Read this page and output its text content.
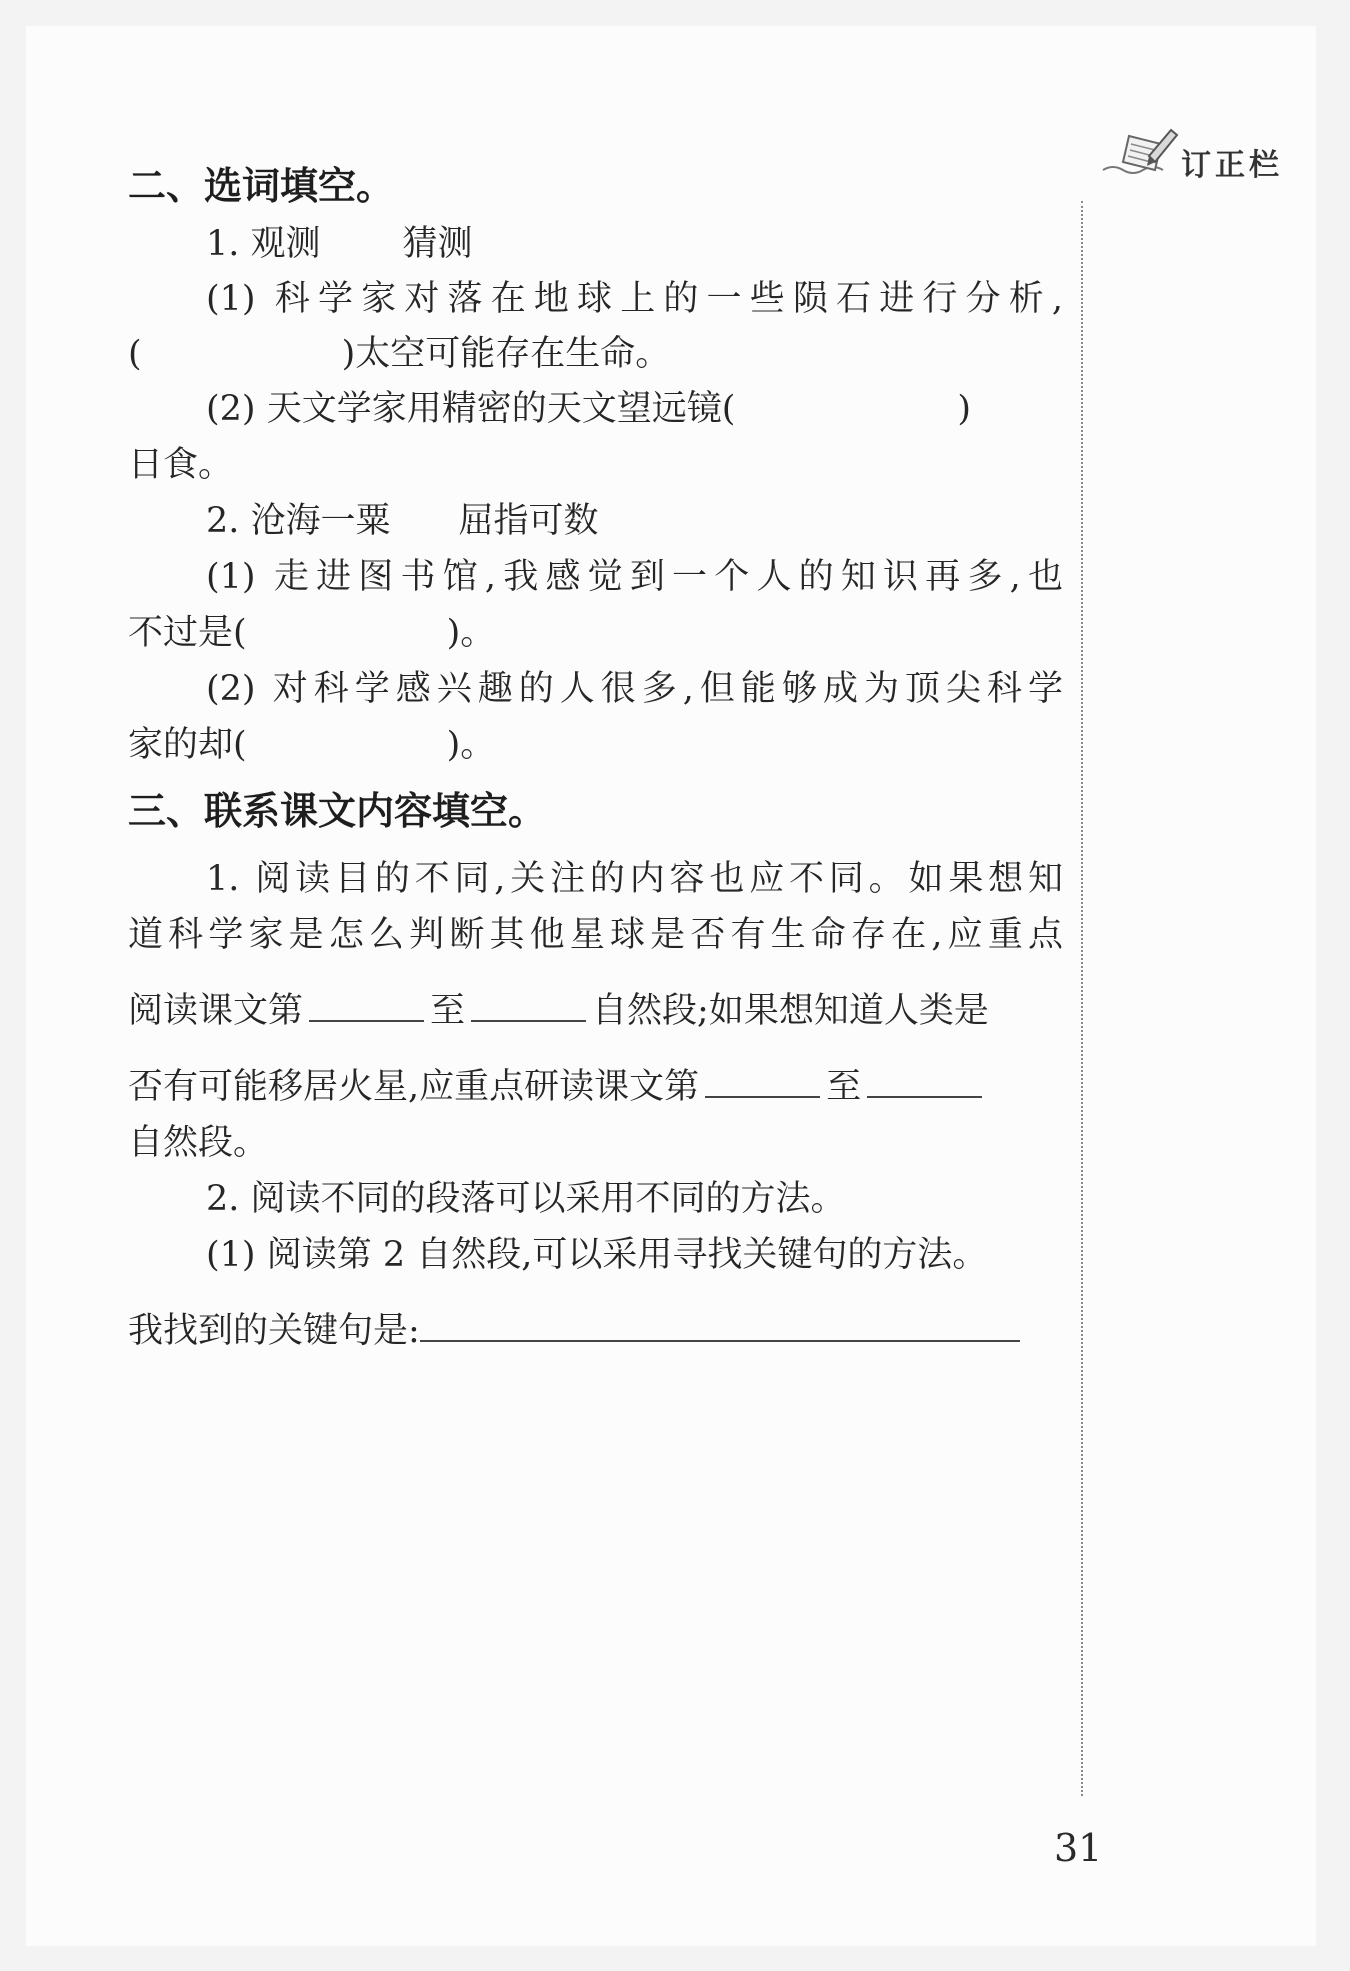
订正栏
二、选词填空。
1. 观测 猜测
(1) 科学家对落在地球上的一些陨石进行分析,
(	)太空可能存在生命。
(2) 天文学家用精密的天文望远镜(	)
日食。
2. 沧海一粟 屈指可数
(1) 走进图书馆,我感觉到一个人的知识再多,也
不过是(	)。
(2) 对科学感兴趣的人很多,但能够成为顶尖科学
家的却(	)。
三、联系课文内容填空。
1. 阅读目的不同,关注的内容也应不同。如果想知
道科学家是怎么判断其他星球是否有生命存在,应重点
阅读课文第	至	自然段;如果想知道人类是
否有可能移居火星,应重点研读课文第	至
自然段。
2. 阅读不同的段落可以采用不同的方法。
(1) 阅读第 2 自然段,可以采用寻找关键句的方法。
我找到的关键句是:
31
